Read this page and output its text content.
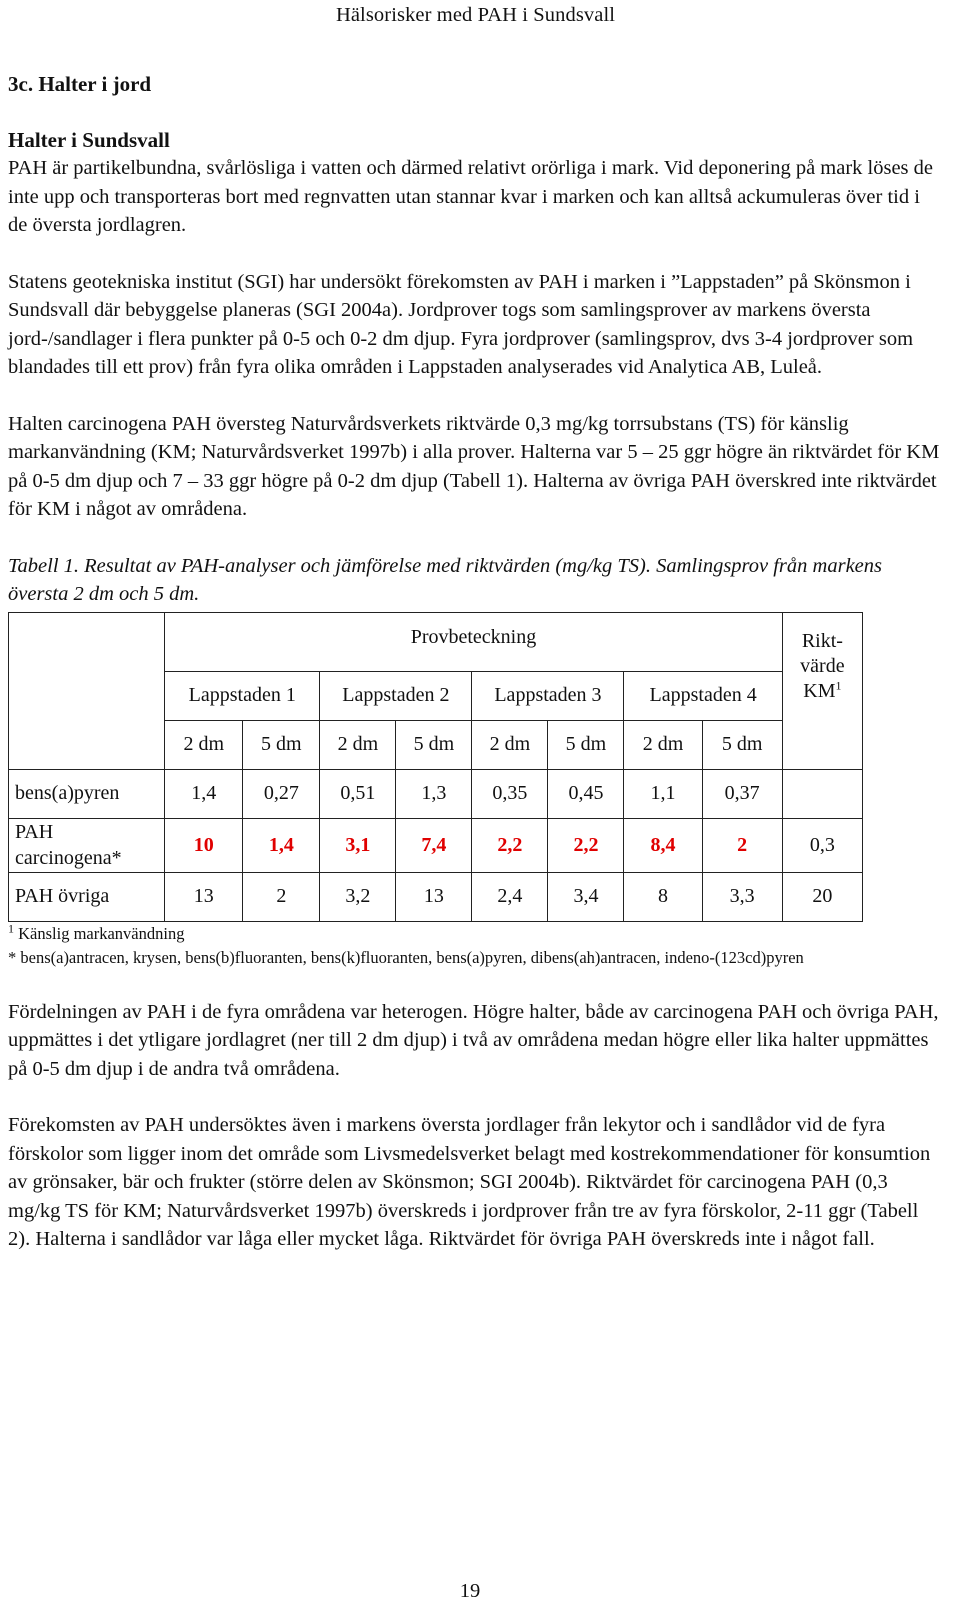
Hälsorisker med PAH i Sundsvall
3c. Halter i jord
Halter i Sundsvall

PAH är partikelbundna, svårlösliga i vatten och därmed relativt orörliga i mark. Vid deponering på mark löses de inte upp och transporteras bort med regnvatten utan stannar kvar i marken och kan alltså ackumuleras över tid i de översta jordlagren.

Statens geotekniska institut (SGI) har undersökt förekomsten av PAH i marken i ”Lappstaden” på Skönsmon i Sundsvall där bebyggelse planeras (SGI 2004a). Jordprover togs som samlingsprover av markens översta jord-/sandlager i flera punkter på 0-5 och 0-2 dm djup. Fyra jordprover (samlingsprov, dvs 3-4 jordprover som blandades till ett prov) från fyra olika områden i Lappstaden analyserades vid Analytica AB, Luleå.

Halten carcinogena PAH översteg Naturvårdsverkets riktvärde 0,3 mg/kg torrsubstans (TS) för känslig markanvändning (KM; Naturvårdsverket 1997b) i alla prover. Halterna var 5 – 25 ggr högre än riktvärdet för KM på 0-5 dm djup och 7 – 33 ggr högre på 0-2 dm djup (Tabell 1). Halterna av övriga PAH överskred inte riktvärdet för KM i något av områdena.

Tabell 1. Resultat av PAH-analyser och jämförelse med riktvärden (mg/kg TS). Samlingsprov från markens översta 2 dm och 5 dm.

	Provbeteckning								Rikt-
värde
$KM^1$
	Lappstaden 1		Lappstaden 2		Lappstaden 3		Lappstaden 4		
	2 dm	5 dm	2 dm	5 dm	2 dm	5 dm	2 dm	5 dm	
bens(a)pyren	1,4	0,27	0,51	1,3	0,35	0,45	1,1	0,37	
PAH
carcinogena*	10	1,4	3,1	7,4	2,2	2,2	8,4	2	0,3
PAH övriga	13	2	3,2	13	2,4	3,4	8	3,3	20
$^1$ Känslig markanvändning
* bens(a)antracen, krysen, bens(b)fluoranten, bens(k)fluoranten, bens(a)pyren, dibens(ah)antracen, indeno-(123cd)pyren

Fördelningen av PAH i de fyra områdena var heterogen. Högre halter, både av carcinogena PAH och övriga PAH, uppmättes i det ytligare jordlagret (ner till 2 dm djup) i två av områdena medan högre eller lika halter uppmättes på 0-5 dm djup i de andra två områdena.

Förekomsten av PAH undersöktes även i markens översta jordlager från lekytor och i sandlådor vid de fyra förskolor som ligger inom det område som Livsmedelsverket belagt med kostrekommendationer för konsumtion av grönsaker, bär och frukter (större delen av Skönsmon; SGI 2004b). Riktvärdet för carcinogena PAH (0,3 mg/kg TS för KM; Naturvårdsverket 1997b) överskreds i jordprover från tre av fyra förskolor, 2-11 ggr (Tabell 2). Halterna i sandlådor var låga eller mycket låga. Riktvärdet för övriga PAH överskreds inte i något fall.

19
